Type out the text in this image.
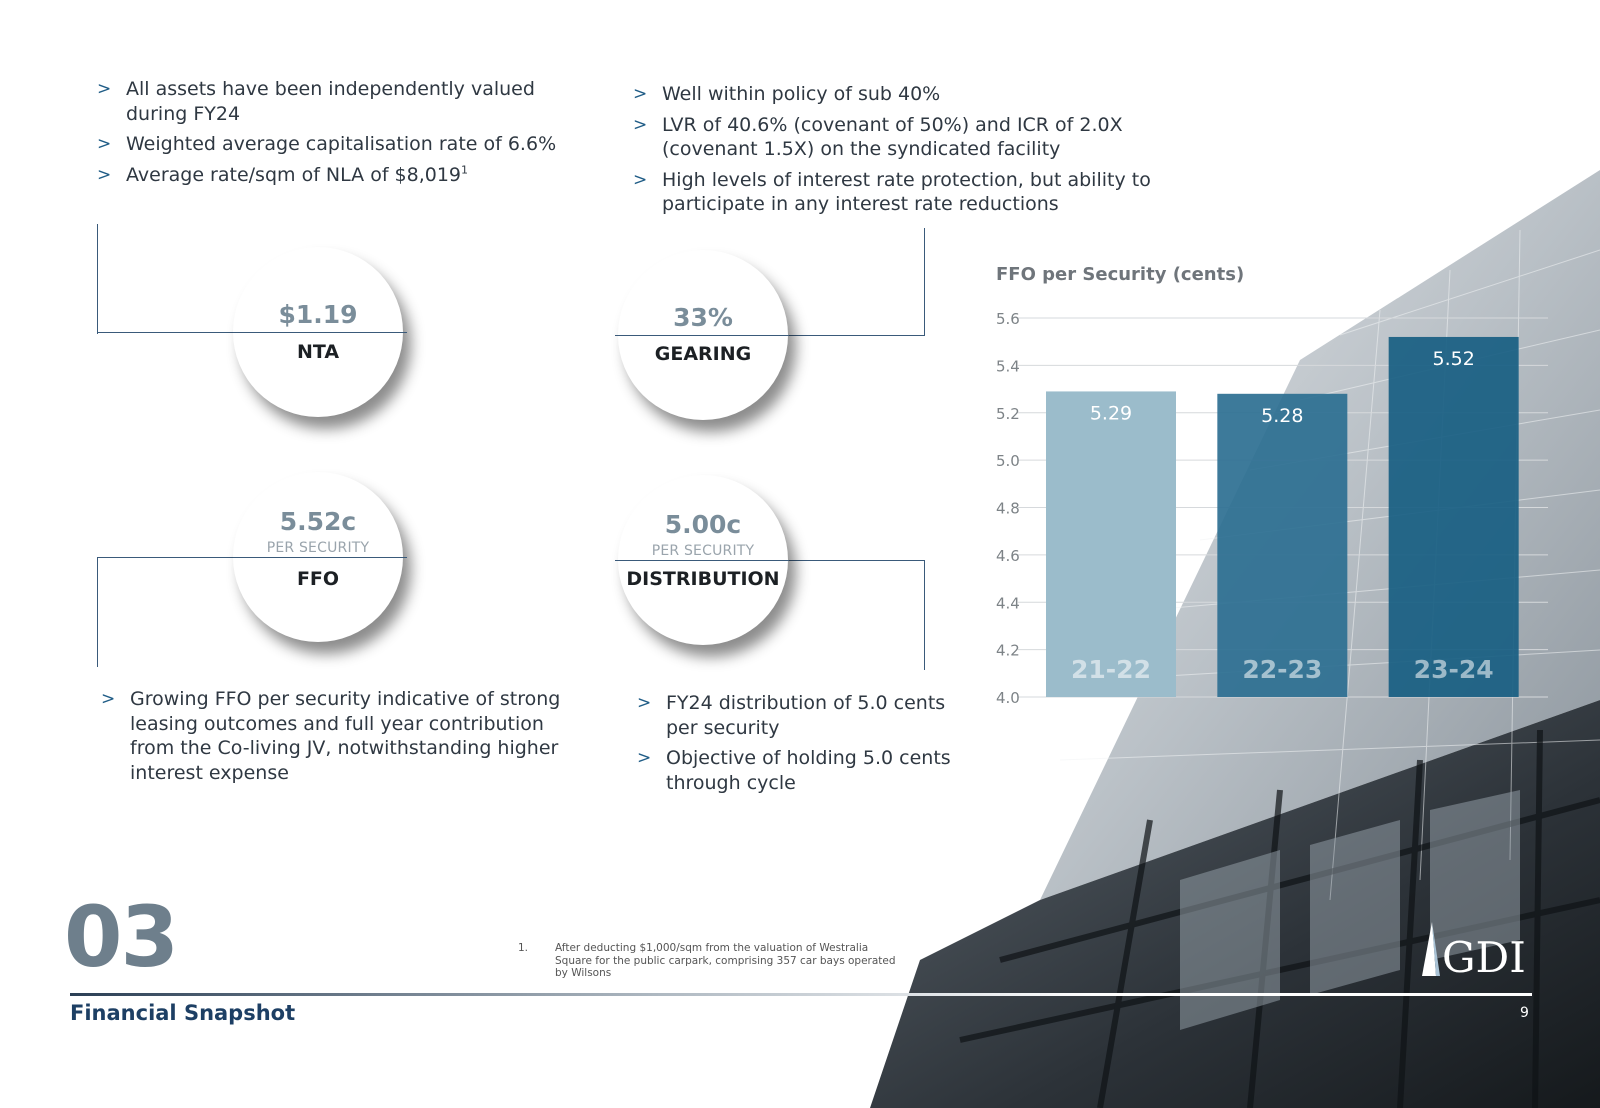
> All assets have been independently valued during FY24
> Weighted average capitalisation rate of 6.6%
> Average rate/sqm of NLA of $\$8,019^1$
> Well within policy of sub 40%
> LVR of 40.6% (covenant of 50%) and ICR of 2.0X (covenant 1.5X) on the syndicated facility
> High levels of interest rate protection, but ability to participate in any interest rate reductions
$1.19
NTA
33%
GEARING
5.52c
PER SECURITY
FFO
5.00c
PER SECURITY
DISTRIBUTION
> Growing FFO per security indicative of strong leasing outcomes and full year contribution from the Co-living JV, notwithstanding higher interest expense
> FY24 distribution of 5.0 cents per security
> Objective of holding 5.0 cents through cycle
FFO per Security (cents)
4.0
4.2
4.4
4.6
4.8
5.0
5.2
5.4
5.6
5.29
21-22
5.28
22-23
5.52
23-24
03
Financial Snapshot
1.	After deducting $1,000/sqm from the valuation of Westralia Square for the public carpark, comprising 357 car bays operated by Wilsons
9
GDI
